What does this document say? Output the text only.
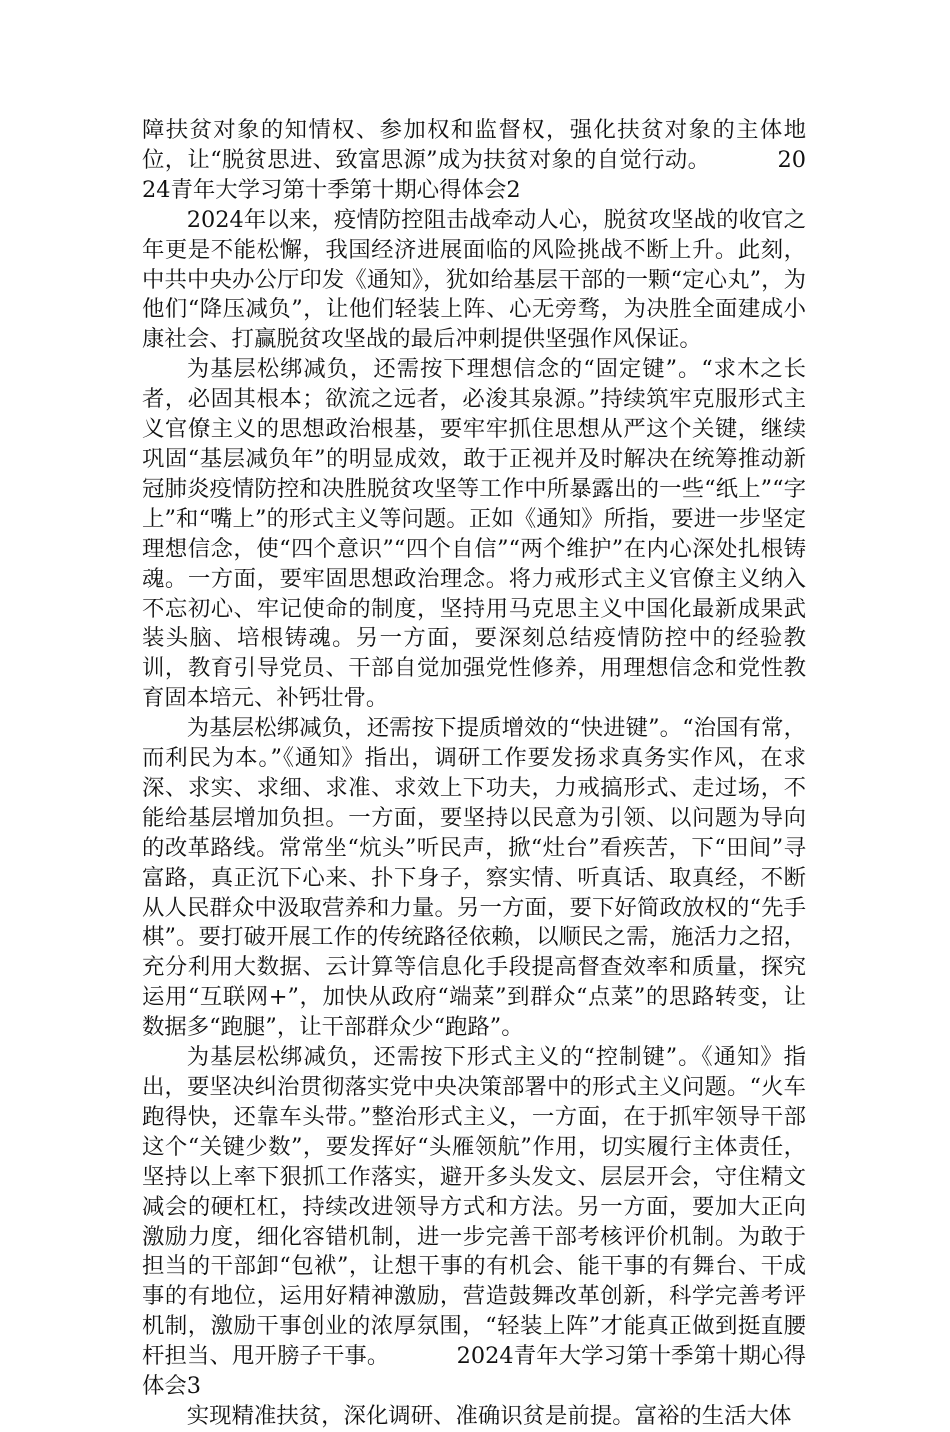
障扶贫对象的知情权、参加权和监督权，强化扶贫对象的主体地位，让“脱贫思进、致富思源”成为扶贫对象的自觉行动。	2024青年大学习第十季第十期心得体会2

2024年以来，疫情防控阻击战牵动人心，脱贫攻坚战的收官之年更是不能松懈，我国经济进展面临的风险挑战不断上升。此刻，中共中央办公厅印发《通知》，犹如给基层干部的一颗“定心丸”，为他们“降压减负”，让他们轻装上阵、心无旁骛，为决胜全面建成小康社会、打赢脱贫攻坚战的最后冲刺提供坚强作风保证。

为基层松绑减负，还需按下理想信念的“固定键”。“求木之长者，必固其根本；欲流之远者，必浚其泉源。”持续筑牢克服形式主义官僚主义的思想政治根基，要牢牢抓住思想从严这个关键，继续巩固“基层减负年”的明显成效，敢于正视并及时解决在统筹推动新冠肺炎疫情防控和决胜脱贫攻坚等工作中所暴露出的一些“纸上”“字上”和“嘴上”的形式主义等问题。正如《通知》所指，要进一步坚定理想信念，使“四个意识”“四个自信”“两个维护”在内心深处扎根铸魂。一方面，要牢固思想政治理念。将力戒形式主义官僚主义纳入不忘初心、牢记使命的制度，坚持用马克思主义中国化最新成果武装头脑、培根铸魂。另一方面，要深刻总结疫情防控中的经验教训，教育引导党员、干部自觉加强党性修养，用理想信念和党性教育固本培元、补钙壮骨。

为基层松绑减负，还需按下提质增效的“快进键”。“治国有常，而利民为本。”《通知》指出，调研工作要发扬求真务实作风，在求深、求实、求细、求准、求效上下功夫，力戒搞形式、走过场，不能给基层增加负担。一方面，要坚持以民意为引领、以问题为导向的改革路线。常常坐“炕头”听民声，掀“灶台”看疾苦，下“田间”寻富路，真正沉下心来、扑下身子，察实情、听真话、取真经，不断从人民群众中汲取营养和力量。另一方面，要下好简政放权的“先手棋”。要打破开展工作的传统路径依赖，以顺民之需，施活力之招，充分利用大数据、云计算等信息化手段提高督查效率和质量，探究运用“互联网+”，加快从政府“端菜”到群众“点菜”的思路转变，让数据多“跑腿”，让干部群众少“跑路”。

为基层松绑减负，还需按下形式主义的“控制键”。《通知》指出，要坚决纠治贯彻落实党中央决策部署中的形式主义问题。“火车跑得快，还靠车头带。”整治形式主义，一方面，在于抓牢领导干部这个“关键少数”，要发挥好“头雁领航”作用，切实履行主体责任，坚持以上率下狠抓工作落实，避开多头发文、层层开会，守住精文减会的硬杠杠，持续改进领导方式和方法。另一方面，要加大正向激励力度，细化容错机制，进一步完善干部考核评价机制。为敢于担当的干部卸“包袱”，让想干事的有机会、能干事的有舞台、干成事的有地位，运用好精神激励，营造鼓舞改革创新，科学完善考评机制，激励干事创业的浓厚氛围，“轻装上阵”才能真正做到挺直腰杆担当、甩开膀子干事。	2024青年大学习第十季第十期心得体会3

实现精准扶贫，深化调研、准确识贫是前提。富裕的生活大体
